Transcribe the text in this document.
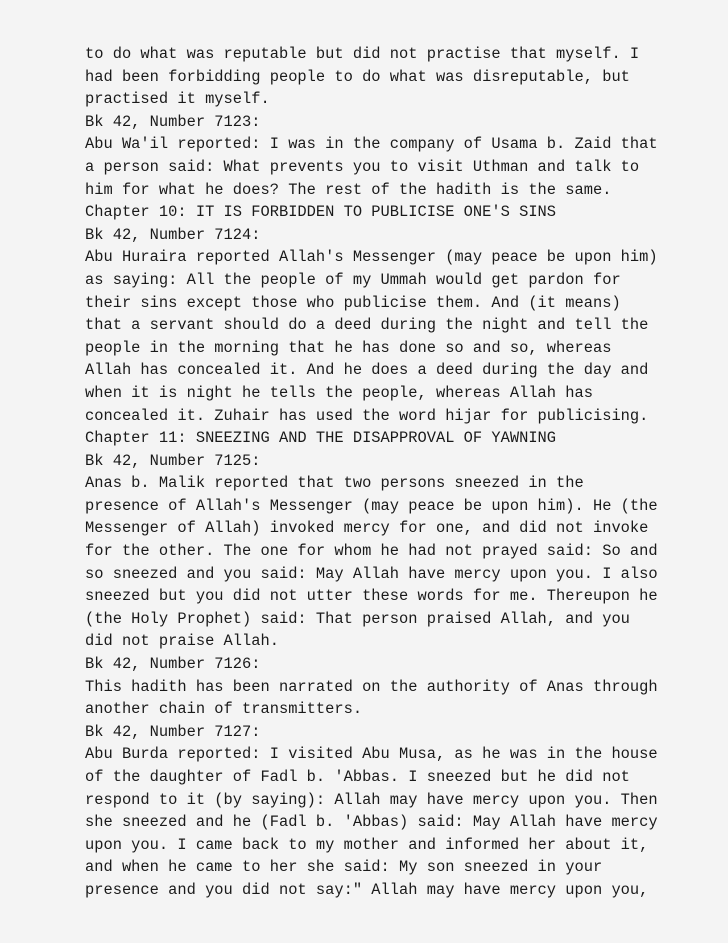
to do what was reputable but did not practise that myself. I
had been forbidding people to do what was disreputable, but
practised it myself.
Bk 42, Number 7123:
Abu Wa'il reported: I was in the company of Usama b. Zaid that
a person said: What prevents you to visit Uthman and talk to
him for what he does? The rest of the hadith is the same.
Chapter 10: IT IS FORBIDDEN TO PUBLICISE ONE'S SINS
Bk 42, Number 7124:
Abu Huraira reported Allah's Messenger (may peace be upon him)
as saying: All the people of my Ummah would get pardon for
their sins except those who publicise them. And (it means)
that a servant should do a deed during the night and tell the
people in the morning that he has done so and so, whereas
Allah has concealed it. And he does a deed during the day and
when it is night he tells the people, whereas Allah has
concealed it. Zuhair has used the word hijar for publicising.
Chapter 11: SNEEZING AND THE DISAPPROVAL OF YAWNING
Bk 42, Number 7125:
Anas b. Malik reported that two persons sneezed in the
presence of Allah's Messenger (may peace be upon him). He (the
Messenger of Allah) invoked mercy for one, and did not invoke
for the other. The one for whom he had not prayed said: So and
so sneezed and you said: May Allah have mercy upon you. I also
sneezed but you did not utter these words for me. Thereupon he
(the Holy Prophet) said: That person praised Allah, and you
did not praise Allah.
Bk 42, Number 7126:
This hadith has been narrated on the authority of Anas through
another chain of transmitters.
Bk 42, Number 7127:
Abu Burda reported: I visited Abu Musa, as he was in the house
of the daughter of Fadl b. 'Abbas. I sneezed but he did not
respond to it (by saying): Allah may have mercy upon you. Then
she sneezed and he (Fadl b. 'Abbas) said: May Allah have mercy
upon you. I came back to my mother and informed her about it,
and when he came to her she said: My son sneezed in your
presence and you did not say:" Allah may have mercy upon you,
